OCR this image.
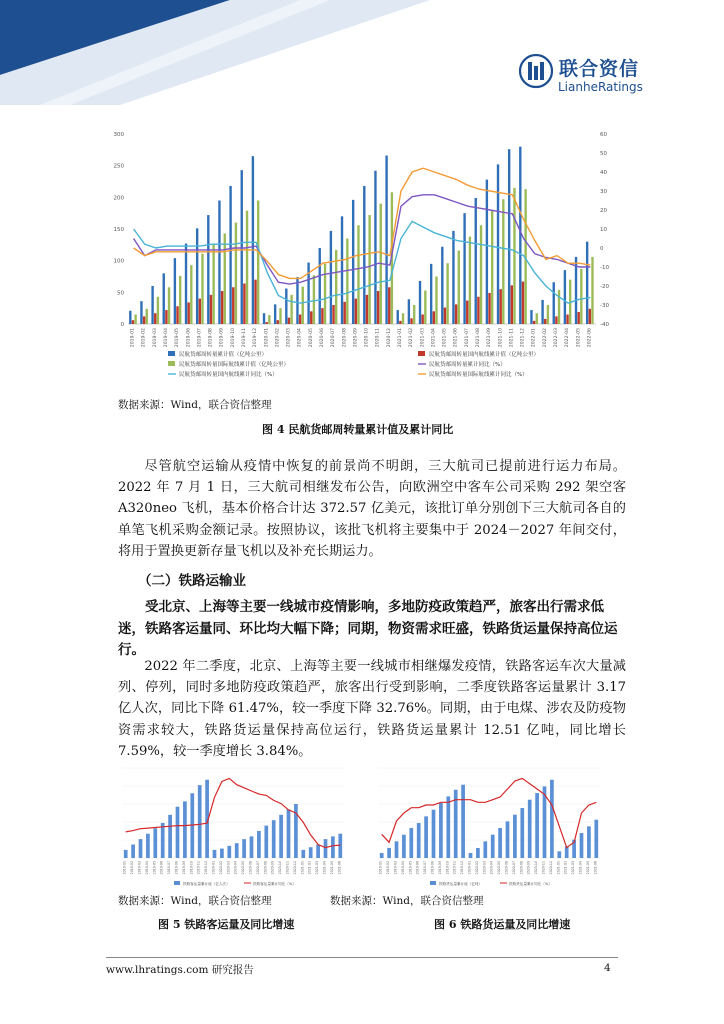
联合资信
LianheRatings
0
50
100
150
200
250
300
-40
-30
-20
-10
0
10
20
30
40
50
60
2019-01 2019-02 2019-03 2019-04 2019-05 2019-06 2019-07 2019-08 2019-09 2019-10 2019-11 2019-12 2020-01 2020-02 2020-03 2020-04 2020-05 2020-06 2020-07 2020-08 2020-09 2020-10 2020-11 2020-12 2021-01 2021-02 2021-03 2021-04 2021-05 2021-06 2021-07 2021-08 2021-09 2021-10 2021-11 2021-12 2022-01 2022-02 2022-03 2022-04 2022-05 2022-06
民航货邮周转量累计值（亿吨公里）	民航货邮周转量国内航线累计值（亿吨公里）
民航货邮周转量国际航线累计值（亿吨公里）	民航货邮周转量累计同比（%）
民航货邮周转量国内航线累计同比（%）	民航货邮周转量国际航线累计同比（%）
数据来源：Wind，联合资信整理
图 4 民航货邮周转量累计值及累计同比
尽管航空运输从疫情中恢复的前景尚不明朗，三大航司已提前进行运力布局。2022 年 7 月 1 日，三大航司相继发布公告，向欧洲空中客车公司采购 292 架空客 A320neo 飞机，基本价格合计达 372.57 亿美元，该批订单分别创下三大航司各自的单笔飞机采购金额记录。按照协议，该批飞机将主要集中于 2024－2027 年间交付，将用于置换更新存量飞机以及补充长期运力。
（二）铁路运输业
受北京、上海等主要一线城市疫情影响，多地防疫政策趋严，旅客出行需求低迷，铁路客运量同、环比均大幅下降；同期，物资需求旺盛，铁路货运量保持高位运行。
2022 年二季度，北京、上海等主要一线城市相继爆发疫情，铁路客运车次大量减列、停列，同时多地防疫政策趋严，旅客出行受到影响，二季度铁路客运量累计 3.17 亿人次，同比下降 61.47%，较一季度下降 32.76%。同期，由于电煤、涉农及防疫物资需求较大，铁路货运量保持高位运行，铁路货运量累计 12.51 亿吨，同比增长 7.59%，较一季度增长 3.84%。
2019-01 2019-02 2019-03 2019-04 2019-05 2019-06 2019-07 2019-08 2019-09 2019-10 2019-11 2019-12 2020-01 2020-02 2020-03 2020-04 2020-05 2020-06 2020-07 2020-08 2020-09 2020-10 2020-11 2020-12 2021-01 2021-02 2021-03 2021-04 2021-05 2021-06
铁路客运量累计值（亿人次）	铁路客运量累计同比（%）
2019-01 2019-02 2019-03 2019-04 2019-05 2019-06 2019-07 2019-08 2019-09 2019-10 2019-11 2019-12 2020-01 2020-02 2020-03 2020-04 2020-05 2020-06 2020-07 2020-08 2020-09 2020-10 2020-11 2020-12 2021-01 2021-02 2021-03 2021-04 2021-05 2021-06
铁路货运量累计值（亿吨）	铁路货运量累计同比（%）
数据来源：Wind，联合资信整理	数据来源：Wind，联合资信整理
图 5 铁路客运量及同比增速	图 6 铁路货运量及同比增速
www.lhratings.com 研究报告	4
